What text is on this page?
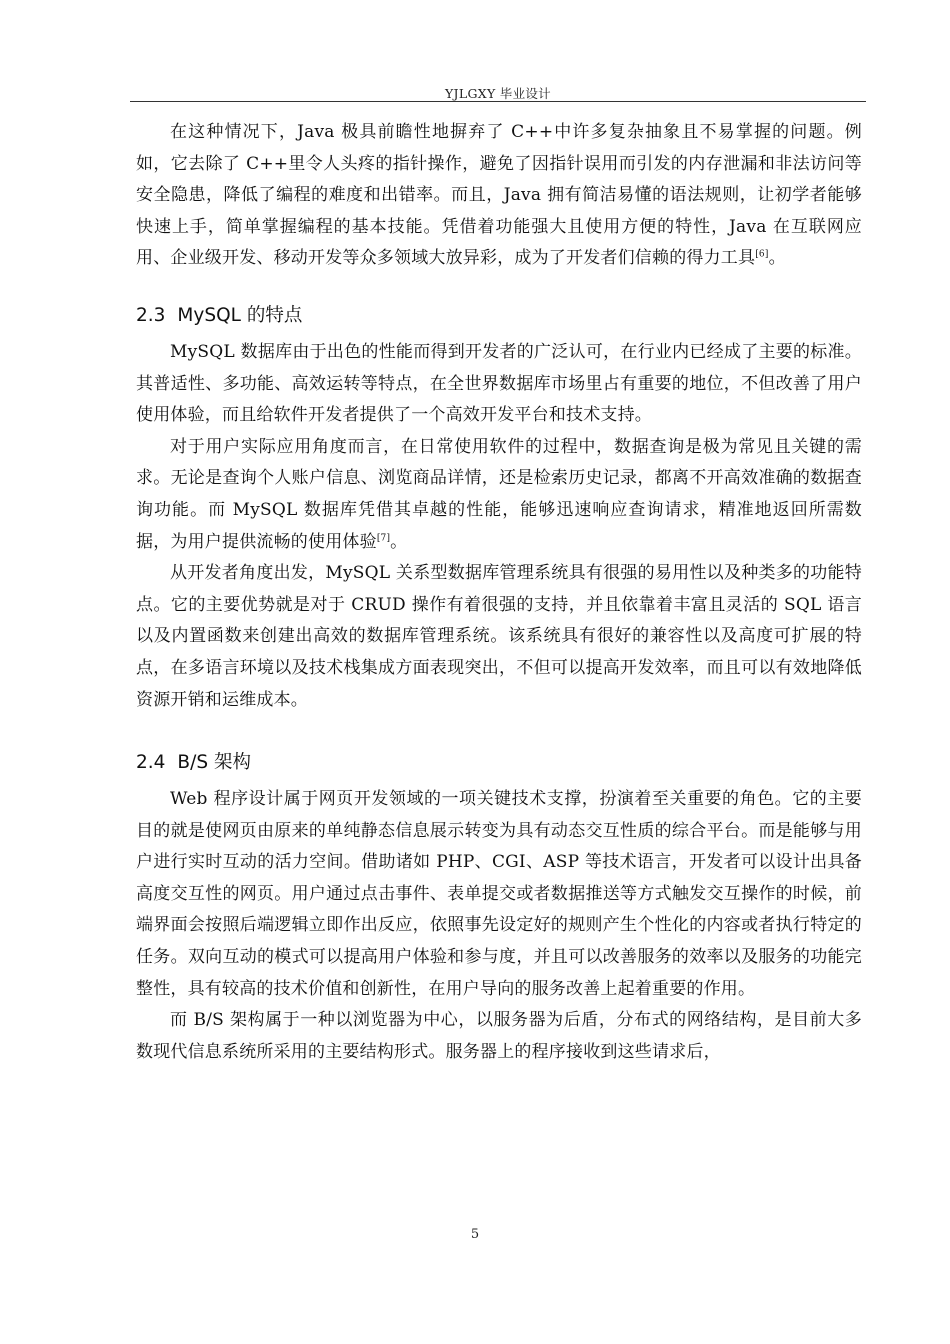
YJLGXY 毕业设计

在这种情况下，Java 极具前瞻性地摒弃了 C++中许多复杂抽象且不易掌握的问题。例如，它去除了 C++里令人头疼的指针操作，避免了因指针误用而引发的内存泄漏和非法访问等安全隐患，降低了编程的难度和出错率。而且，Java 拥有简洁易懂的语法规则，让初学者能够快速上手，简单掌握编程的基本技能。凭借着功能强大且使用方便的特性，Java 在互联网应用、企业级开发、移动开发等众多领域大放异彩，成为了开发者们信赖的得力工具[6]。

2.3 MySQL 的特点

MySQL 数据库由于出色的性能而得到开发者的广泛认可，在行业内已经成了主要的标准。其普适性、多功能、高效运转等特点，在全世界数据库市场里占有重要的地位，不但改善了用户使用体验，而且给软件开发者提供了一个高效开发平台和技术支持。

对于用户实际应用角度而言，在日常使用软件的过程中，数据查询是极为常见且关键的需求。无论是查询个人账户信息、浏览商品详情，还是检索历史记录，都离不开高效准确的数据查询功能。而 MySQL 数据库凭借其卓越的性能，能够迅速响应查询请求，精准地返回所需数据，为用户提供流畅的使用体验[7]。

从开发者角度出发，MySQL 关系型数据库管理系统具有很强的易用性以及种类多的功能特点。它的主要优势就是对于 CRUD 操作有着很强的支持，并且依靠着丰富且灵活的 SQL 语言以及内置函数来创建出高效的数据库管理系统。该系统具有很好的兼容性以及高度可扩展的特点，在多语言环境以及技术栈集成方面表现突出，不但可以提高开发效率，而且可以有效地降低资源开销和运维成本。

2.4 B/S 架构

Web 程序设计属于网页开发领域的一项关键技术支撑，扮演着至关重要的角色。它的主要目的就是使网页由原来的单纯静态信息展示转变为具有动态交互性质的综合平台。而是能够与用户进行实时互动的活力空间。借助诸如 PHP、CGI、ASP 等技术语言，开发者可以设计出具备高度交互性的网页。用户通过点击事件、表单提交或者数据推送等方式触发交互操作的时候，前端界面会按照后端逻辑立即作出反应，依照事先设定好的规则产生个性化的内容或者执行特定的任务。双向互动的模式可以提高用户体验和参与度，并且可以改善服务的效率以及服务的功能完整性，具有较高的技术价值和创新性，在用户导向的服务改善上起着重要的作用。

而 B/S 架构属于一种以浏览器为中心，以服务器为后盾，分布式的网络结构，是目前大多数现代信息系统所采用的主要结构形式。服务器上的程序接收到这些请求后，

5
